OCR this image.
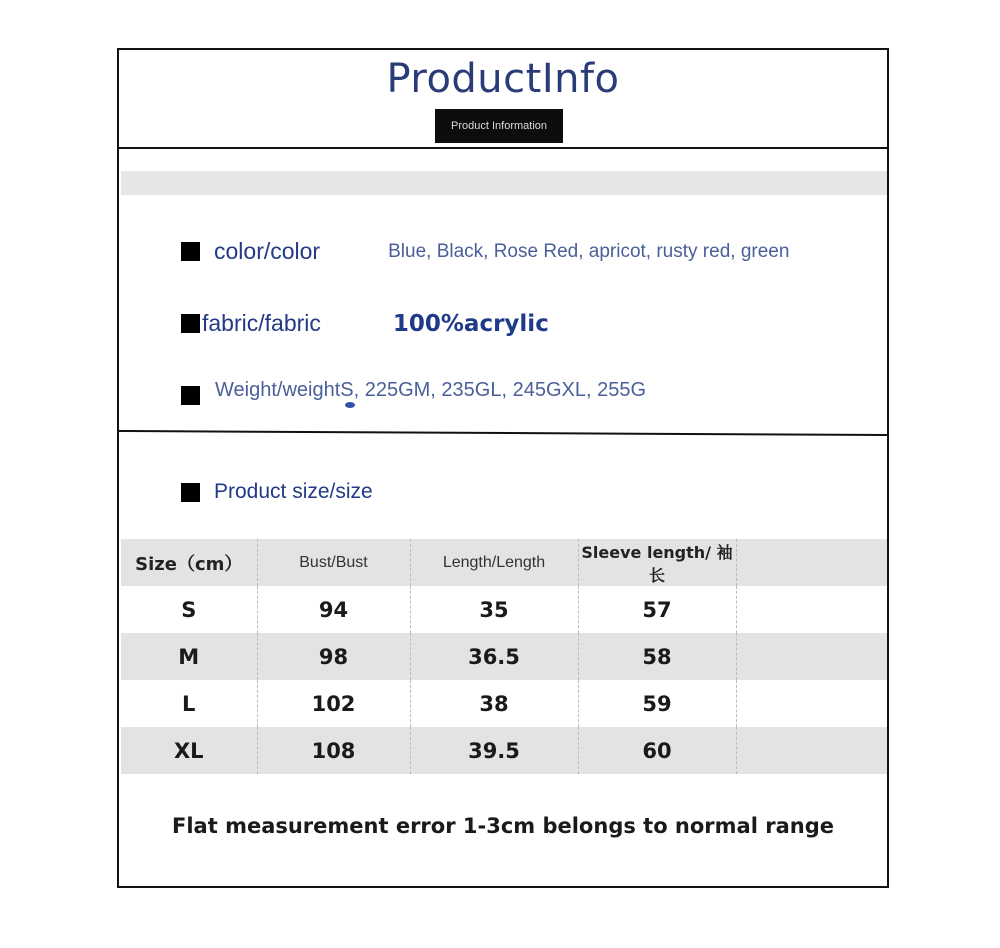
ProductInfo
Product Information
color/color	Blue, Black, Rose Red, apricot, rusty red, green
fabric/fabric	100%acrylic
Weight/weight S, 225GM, 235GL, 245GXL, 255G
Product size/size
Size（cm）	Bust/Bust	Length/Length	Sleeve length/ 袖长	
S	94	35	57	
M	98	36.5	58	
L	102	38	59	
XL	108	39.5	60	
Flat measurement error 1-3cm belongs to normal range
